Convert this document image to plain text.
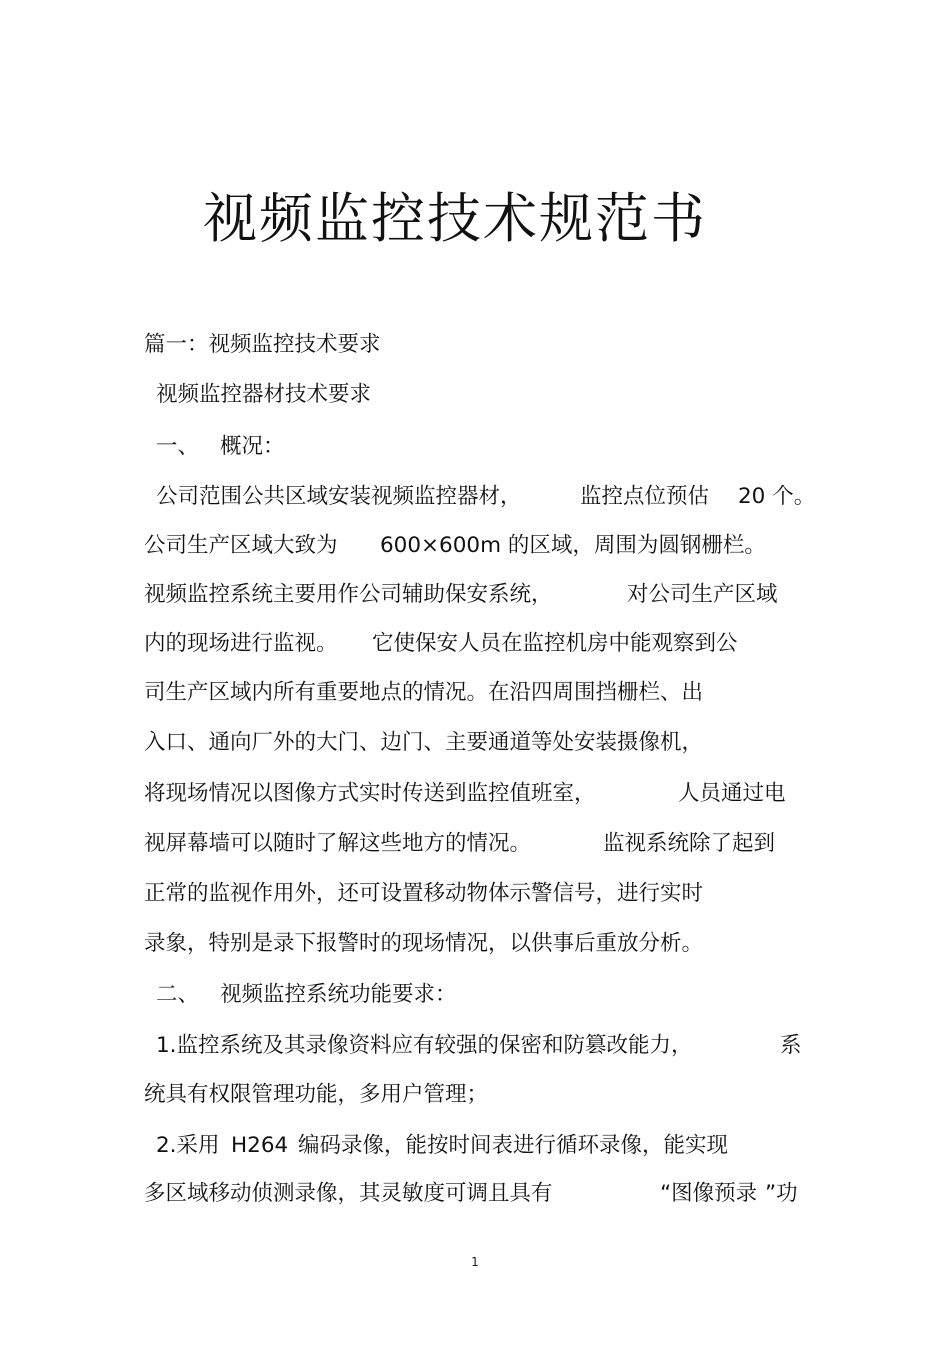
视频监控技术规范书
篇一：视频监控技术要求
视频监控器材技术要求
一、 概况：
公司范围公共区域安装视频监控器材，	监控点位预估 20 个。
公司生产区域大致为 600×600m 的区域，周围为圆钢栅栏。
视频监控系统主要用作公司辅助保安系统，	对公司生产区域
内的现场进行监视。 它使保安人员在监控机房中能观察到公
司生产区域内所有重要地点的情况。在沿四周围挡栅栏、出
入口、通向厂外的大门、边门、主要通道等处安装摄像机，
将现场情况以图像方式实时传送到监控值班室，	人员通过电
视屏幕墙可以随时了解这些地方的情况。	监视系统除了起到
正常的监视作用外，还可设置移动物体示警信号，进行实时
录象，特别是录下报警时的现场情况，以供事后重放分析。
二、 视频监控系统功能要求：
1.监控系统及其录像资料应有较强的保密和防篡改能力，	系
统具有权限管理功能，多用户管理；
2.采用 H264 编码录像，能按时间表进行循环录像，能实现
多区域移动侦测录像，其灵敏度可调且具有	“图像预录 ”功
1
